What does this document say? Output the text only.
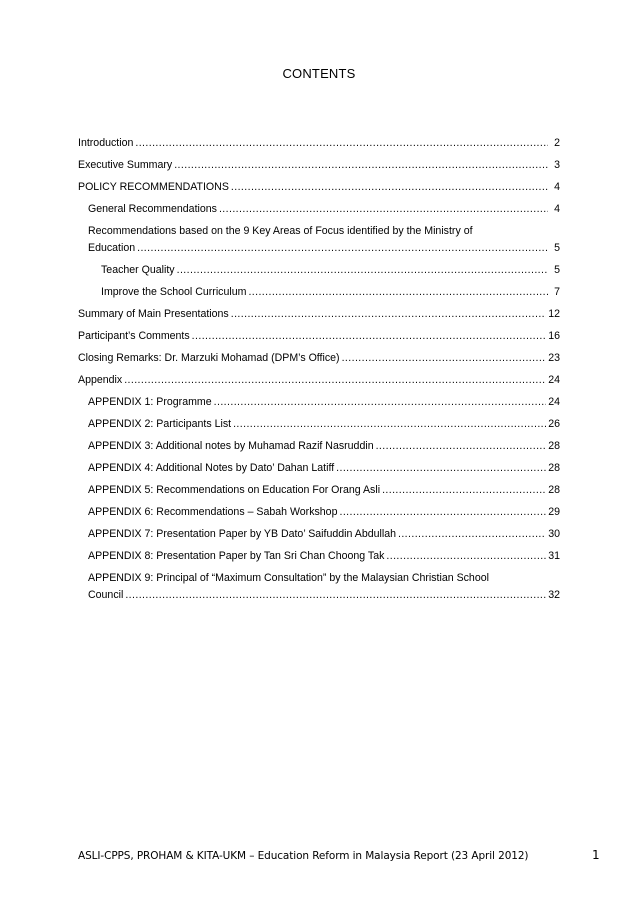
CONTENTS
Introduction .....	2
Executive Summary .....	3
POLICY RECOMMENDATIONS .....	4
General Recommendations .....	4
Recommendations based on the 9 Key Areas of Focus identified by the Ministry of
Education .....	5
Teacher Quality .....	5
Improve the School Curriculum .....	7
Summary of Main Presentations .....	12
Participant’s Comments .....	16
Closing Remarks: Dr. Marzuki Mohamad (DPM’s Office) .....	23
Appendix .....	24
APPENDIX 1: Programme .....	24
APPENDIX 2: Participants List .....	26
APPENDIX 3: Additional notes by Muhamad Razif Nasruddin .....	28
APPENDIX 4: Additional Notes by Dato’ Dahan Latiff .....	28
APPENDIX 5: Recommendations on Education For Orang Asli .....	28
APPENDIX 6: Recommendations – Sabah Workshop .....	29
APPENDIX 7: Presentation Paper by YB Dato’ Saifuddin Abdullah .....	30
APPENDIX 8: Presentation Paper by Tan Sri Chan Choong Tak .....	31
APPENDIX 9: Principal of “Maximum Consultation” by the Malaysian Christian School
Council .....	32
ASLI-CPPS, PROHAM & KITA-UKM – Education Reform in Malaysia Report (23 April 2012)	1
